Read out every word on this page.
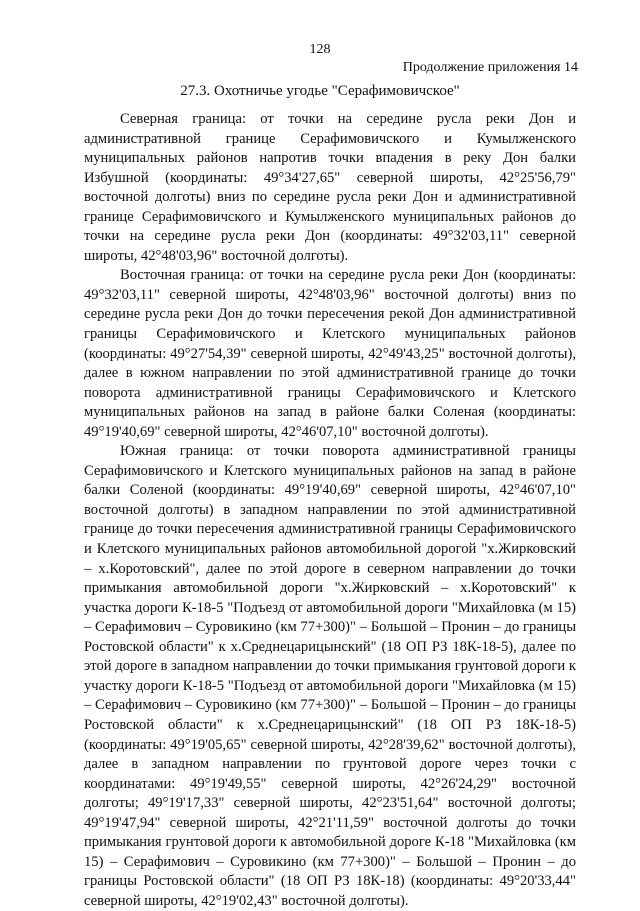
128
Продолжение приложения 14
27.3. Охотничье угодье "Серафимовичское"

Северная граница: от точки на середине русла реки Дон и административной границе Серафимовичского и Кумылженского муниципальных районов напротив точки впадения в реку Дон балки Избушной (координаты: 49°34'27,65" северной широты, 42°25'56,79" восточной долготы) вниз по середине русла реки Дон и административной границе Серафимовичского и Кумылженского муниципальных районов до точки на середине русла реки Дон (координаты: 49°32'03,11" северной широты, 42°48'03,96" восточной долготы).

Восточная граница: от точки на середине русла реки Дон (координаты: 49°32'03,11" северной широты, 42°48'03,96" восточной долготы) вниз по середине русла реки Дон до точки пересечения рекой Дон административной границы Серафимовичского и Клетского муниципальных районов (координаты: 49°27'54,39" северной широты, 42°49'43,25" восточной долготы), далее в южном направлении по этой административной границе до точки поворота административной границы Серафимовичского и Клетского муниципальных районов на запад в районе балки Соленая (координаты: 49°19'40,69" северной широты, 42°46'07,10" восточной долготы).

Южная граница: от точки поворота административной границы Серафимовичского и Клетского муниципальных районов на запад в районе балки Соленой (координаты: 49°19'40,69" северной широты, 42°46'07,10" восточной долготы) в западном направлении по этой административной границе до точки пересечения административной границы Серафимовичского и Клетского муниципальных районов автомобильной дорогой "х.Жирковский – х.Коротовский", далее по этой дороге в северном направлении до точки примыкания автомобильной дороги "х.Жирковский – х.Коротовский" к участка дороги К-18-5 "Подъезд от автомобильной дороги "Михайловка (м 15) – Серафимович – Суровикино (км 77+300)" – Большой – Пронин – до границы Ростовской области" к х.Среднецарицынский" (18 ОП РЗ 18К-18-5), далее по этой дороге в западном направлении до точки примыкания грунтовой дороги к участку дороги К-18-5 "Подъезд от автомобильной дороги "Михайловка (м 15) – Серафимович – Суровикино (км 77+300)" – Большой – Пронин – до границы Ростовской области" к х.Среднецарицынский" (18 ОП РЗ 18К-18-5) (координаты: 49°19'05,65" северной широты, 42°28'39,62" восточной долготы), далее в западном направлении по грунтовой дороге через точки с координатами: 49°19'49,55" северной широты, 42°26'24,29" восточной долготы; 49°19'17,33" северной широты, 42°23'51,64" восточной долготы; 49°19'47,94" северной широты, 42°21'11,59" восточной долготы до точки примыкания грунтовой дороги к автомобильной дороге К-18 "Михайловка (км 15) – Серафимович – Суровикино (км 77+300)" – Большой – Пронин – до границы Ростовской области" (18 ОП РЗ 18К-18) (координаты: 49°20'33,44" северной широты, 42°19'02,43" восточной долготы).
